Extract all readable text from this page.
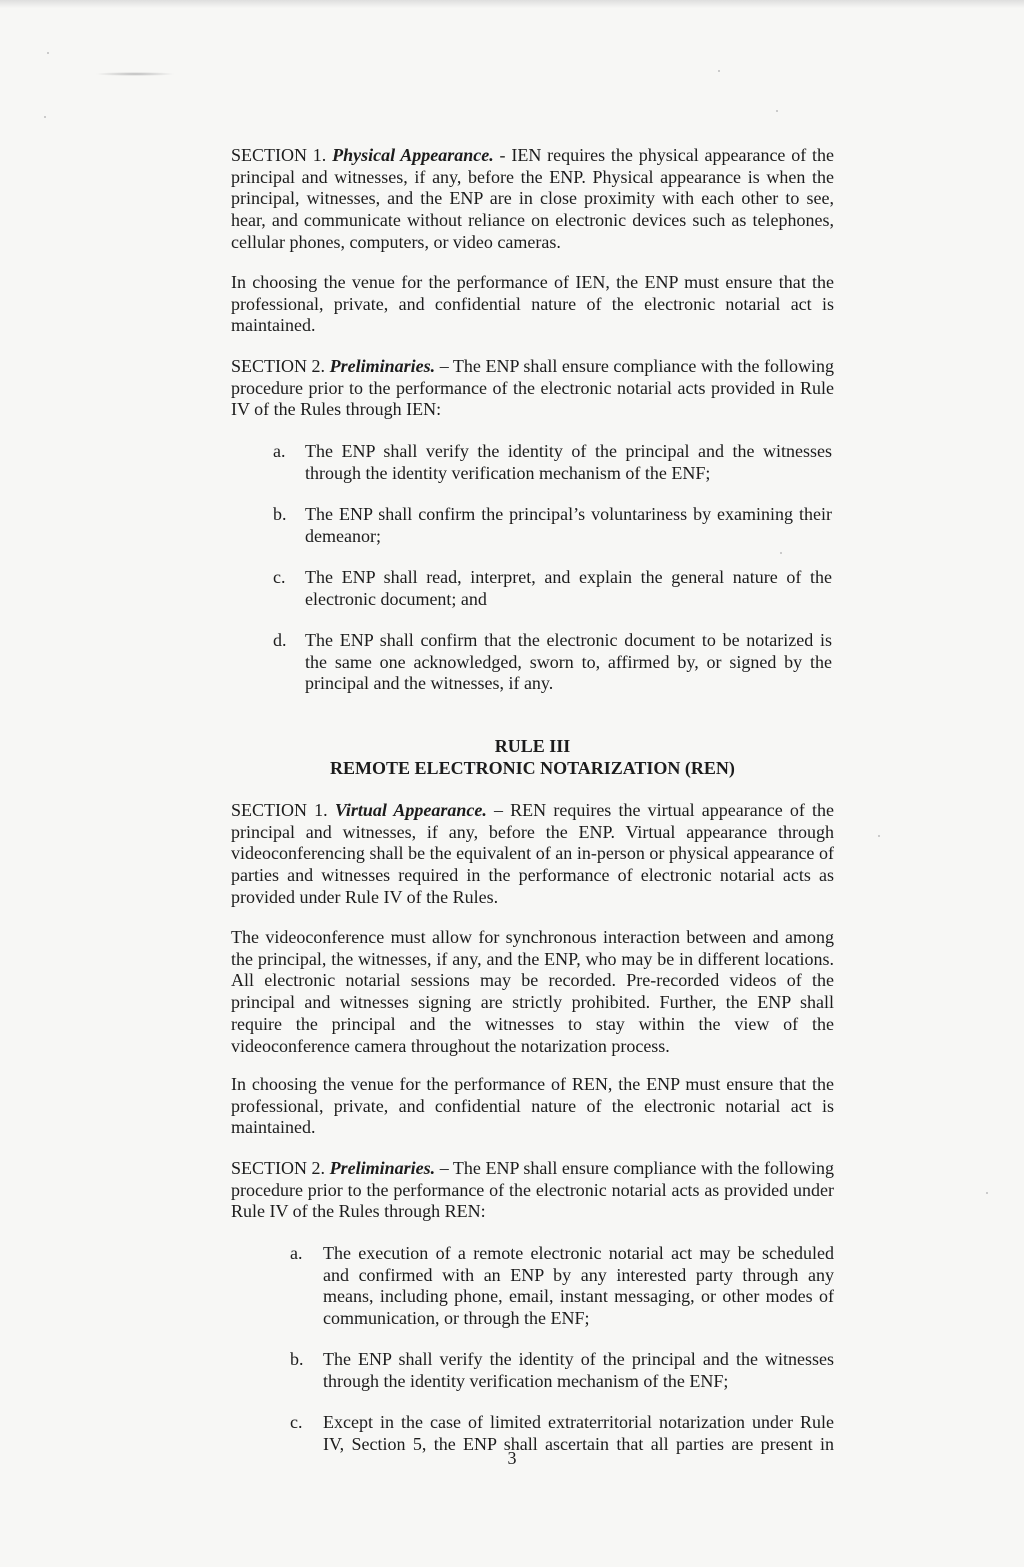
SECTION 1. Physical Appearance. - IEN requires the physical appearance of the principal and witnesses, if any, before the ENP. Physical appearance is when the principal, witnesses, and the ENP are in close proximity with each other to see, hear, and communicate without reliance on electronic devices such as telephones, cellular phones, computers, or video cameras.
In choosing the venue for the performance of IEN, the ENP must ensure that the professional, private, and confidential nature of the electronic notarial act is maintained.
SECTION 2. Preliminaries. – The ENP shall ensure compliance with the following procedure prior to the performance of the electronic notarial acts provided in Rule IV of the Rules through IEN:
a. The ENP shall verify the identity of the principal and the witnesses through the identity verification mechanism of the ENF;
b. The ENP shall confirm the principal’s voluntariness by examining their demeanor;
c. The ENP shall read, interpret, and explain the general nature of the electronic document; and
d. The ENP shall confirm that the electronic document to be notarized is the same one acknowledged, sworn to, affirmed by, or signed by the principal and the witnesses, if any.
RULE III
REMOTE ELECTRONIC NOTARIZATION (REN)
SECTION 1. Virtual Appearance. – REN requires the virtual appearance of the principal and witnesses, if any, before the ENP. Virtual appearance through videoconferencing shall be the equivalent of an in-person or physical appearance of parties and witnesses required in the performance of electronic notarial acts as provided under Rule IV of the Rules.
The videoconference must allow for synchronous interaction between and among the principal, the witnesses, if any, and the ENP, who may be in different locations. All electronic notarial sessions may be recorded. Pre-recorded videos of the principal and witnesses signing are strictly prohibited. Further, the ENP shall require the principal and the witnesses to stay within the view of the videoconference camera throughout the notarization process.
In choosing the venue for the performance of REN, the ENP must ensure that the professional, private, and confidential nature of the electronic notarial act is maintained.
SECTION 2. Preliminaries. – The ENP shall ensure compliance with the following procedure prior to the performance of the electronic notarial acts as provided under Rule IV of the Rules through REN:
a. The execution of a remote electronic notarial act may be scheduled and confirmed with an ENP by any interested party through any means, including phone, email, instant messaging, or other modes of communication, or through the ENF;
b. The ENP shall verify the identity of the principal and the witnesses through the identity verification mechanism of the ENF;
c. Except in the case of limited extraterritorial notarization under Rule IV, Section 5, the ENP shall ascertain that all parties are present in
3
